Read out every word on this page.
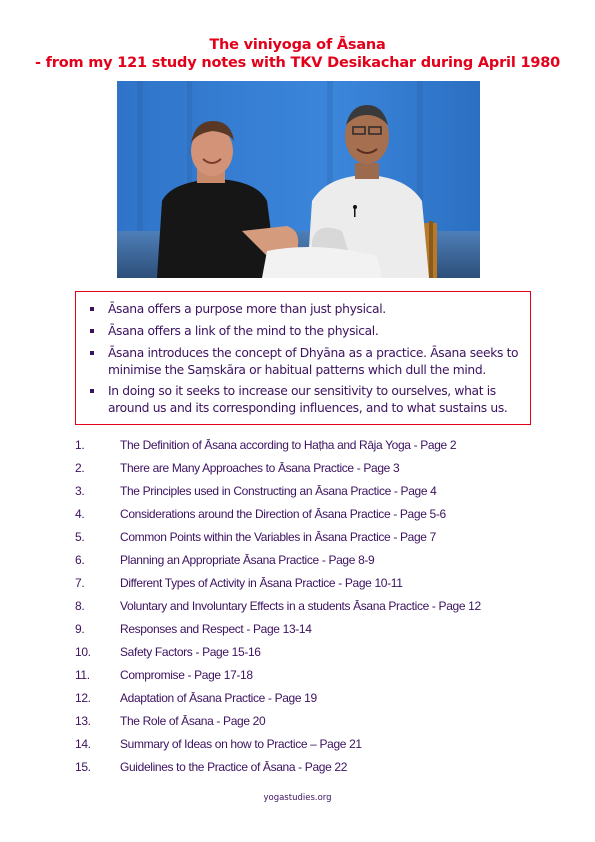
The viniyoga of Āsana
- from my 121 study notes with TKV Desikachar during April 1980
Āsana offers a purpose more than just physical.
Āsana offers a link of the mind to the physical.
Āsana introduces the concept of Dhyāna as a practice. Āsana seeks to minimise the Saṃskāra or habitual patterns which dull the mind.
In doing so it seeks to increase our sensitivity to ourselves, what is around us and its corresponding influences, and to what sustains us.
1.	The Definition of Āsana according to Haṭha and Rāja Yoga - Page 2
2.	There are Many Approaches to Āsana Practice - Page 3
3.	The Principles used in Constructing an Āsana Practice - Page 4
4.	Considerations around the Direction of Āsana Practice - Page 5-6
5.	Common Points within the Variables in Āsana Practice - Page 7
6.	Planning an Appropriate Āsana Practice - Page 8-9
7.	Different Types of Activity in Āsana Practice - Page 10-11
8.	Voluntary and Involuntary Effects in a students Āsana Practice - Page 12
9.	Responses and Respect - Page 13-14
10. Safety Factors - Page 15-16
11.	Compromise - Page 17-18
12. Adaptation of Āsana Practice - Page 19
13. The Role of Āsana - Page 20
14. Summary of Ideas on how to Practice – Page 21
15. Guidelines to the Practice of Āsana - Page 22
yogastudies.org
